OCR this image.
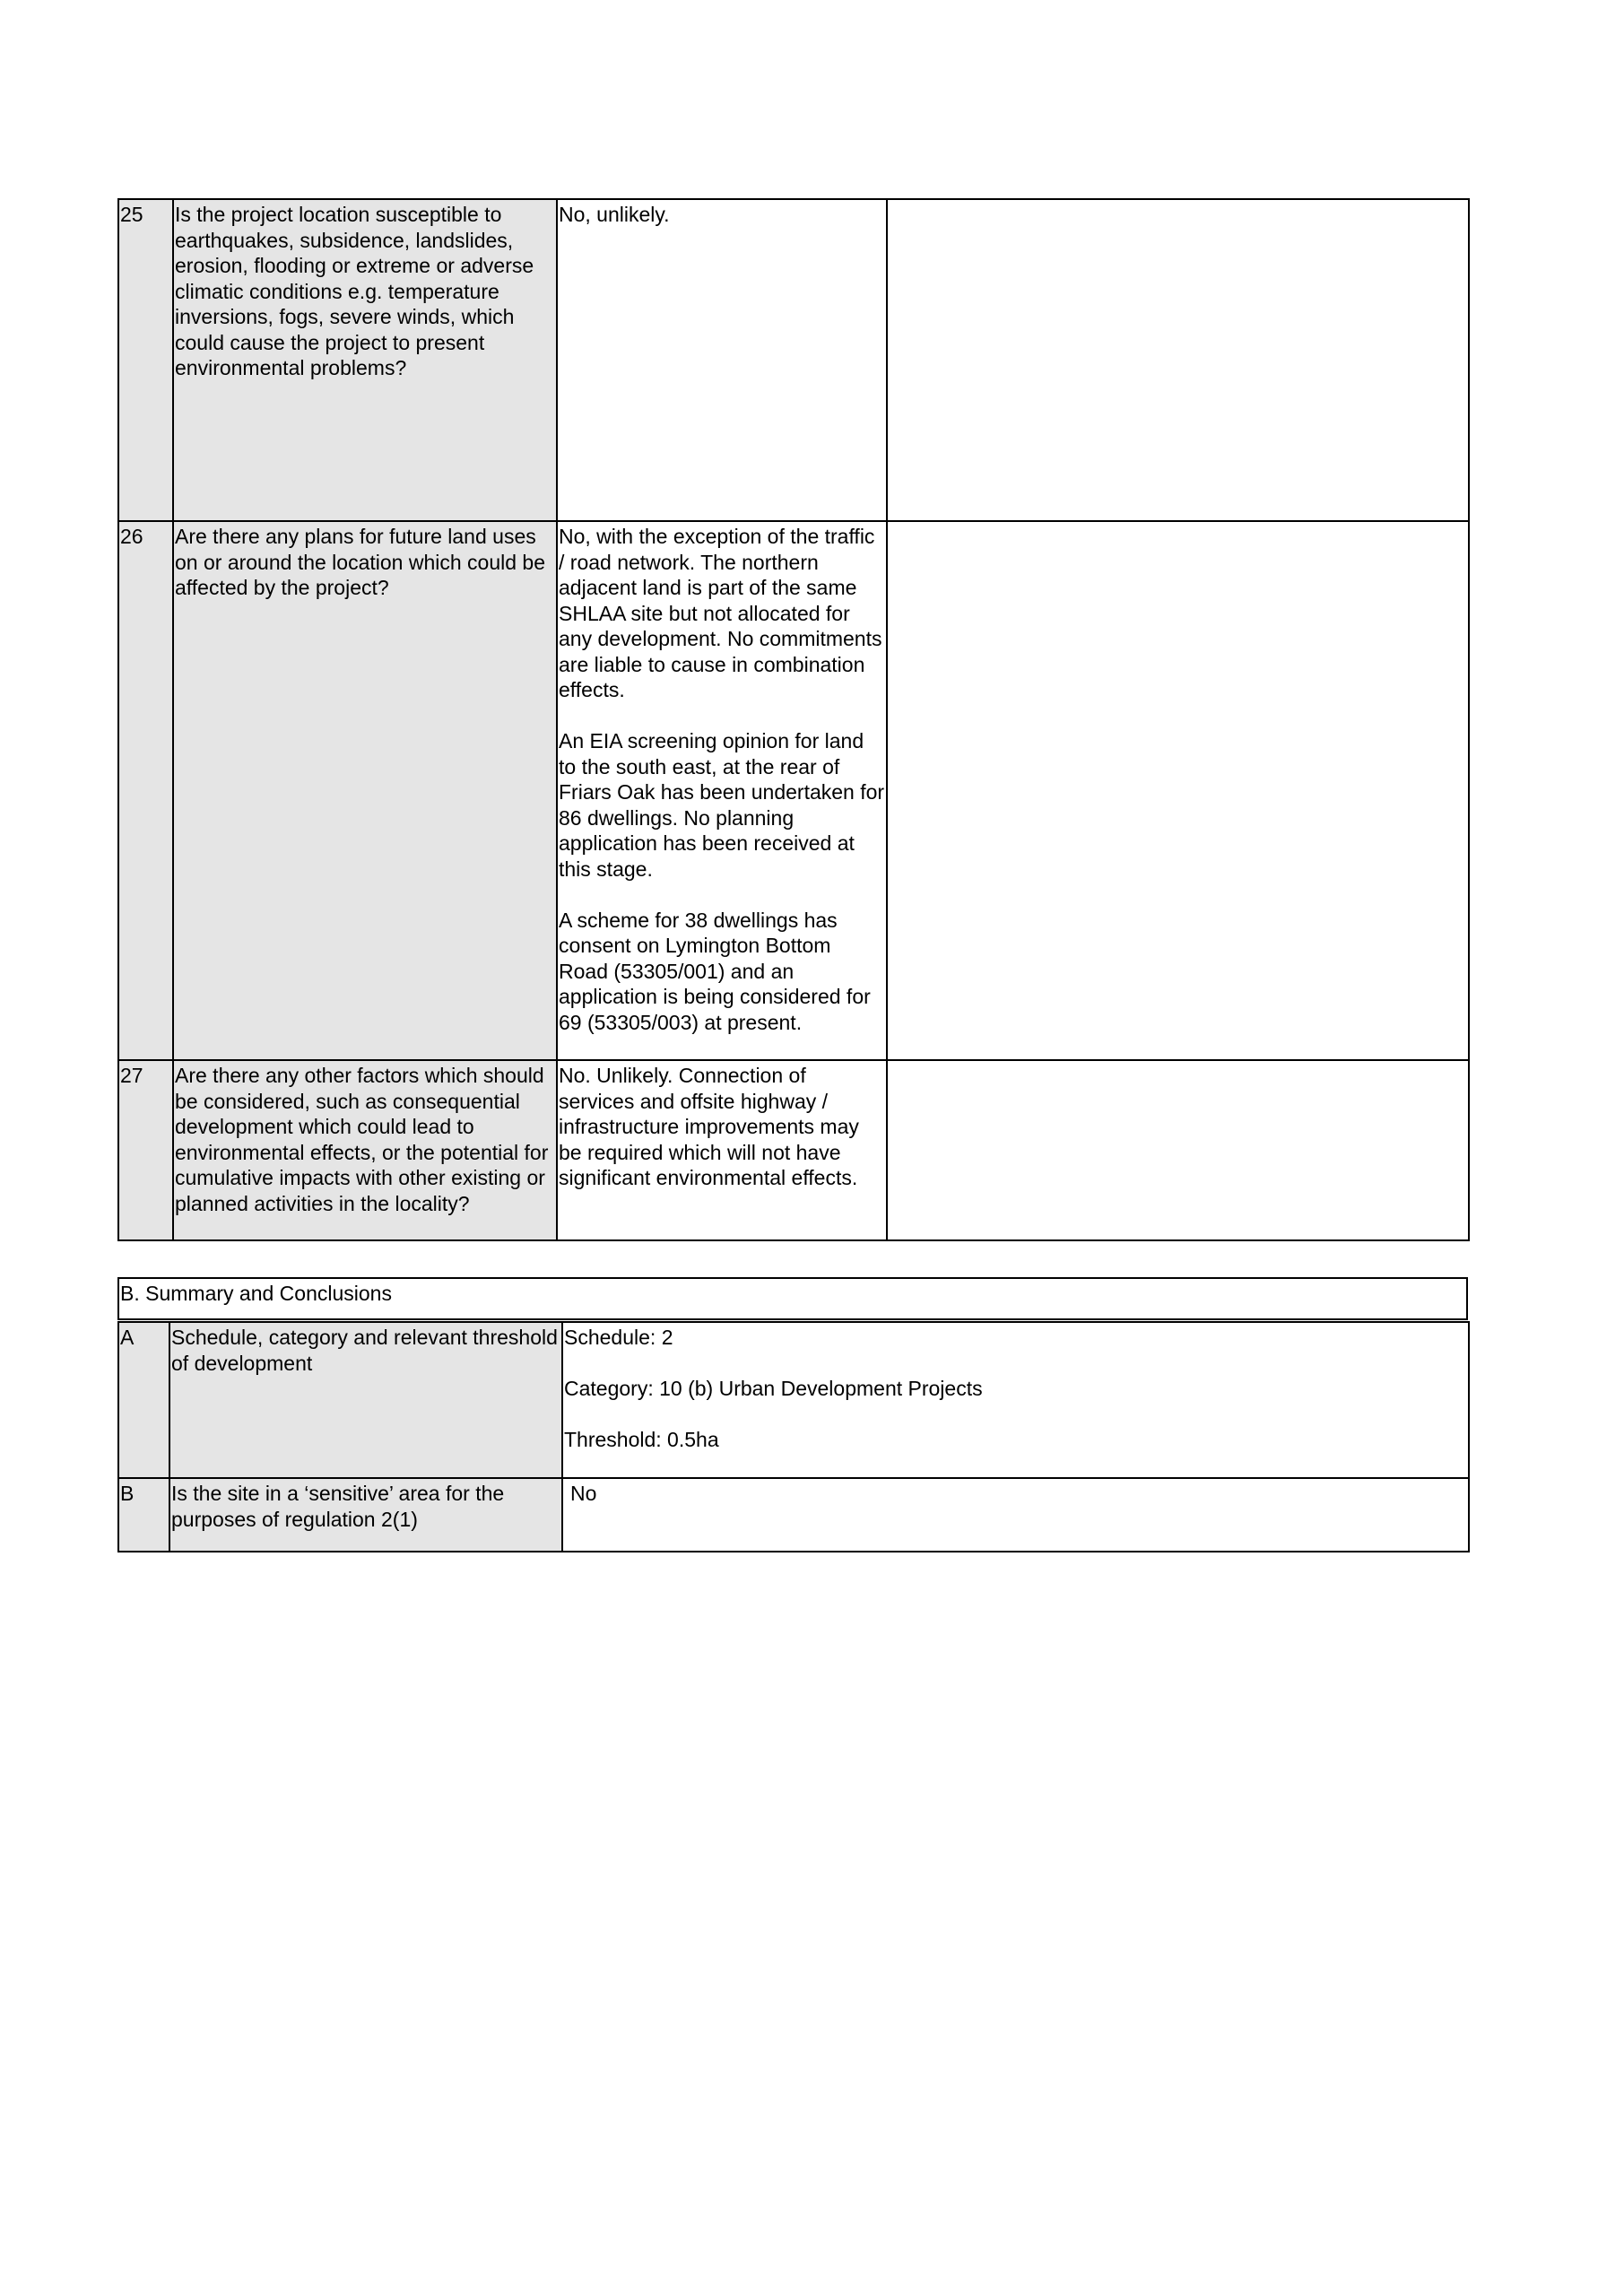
25	Is the project location susceptible to earthquakes, subsidence, landslides, erosion, flooding or extreme or adverse climatic conditions e.g. temperature inversions, fogs, severe winds, which could cause the project to present environmental problems?	No, unlikely.	

26	Are there any plans for future land uses on or around the location which could be affected by the project?	No, with the exception of the traffic / road network. The northern adjacent land is part of the same SHLAA site but not allocated for any development. No commitments are liable to cause in combination effects.
An EIA screening opinion for land to the south east, at the rear of Friars Oak has been undertaken for 86 dwellings. No planning application has been received at this stage.
A scheme for 38 dwellings has consent on Lymington Bottom Road (53305/001) and an application is being considered for 69 (53305/003) at present.	

27	Are there any other factors which should be considered, such as consequential development which could lead to environmental effects, or the potential for cumulative impacts with other existing or planned activities in the locality?	No. Unlikely. Connection of services and offsite highway / infrastructure improvements may be required which will not have significant environmental effects.	

B. Summary and Conclusions
A	Schedule, category and relevant threshold of development	Schedule: 2
Category: 10 (b) Urban Development Projects
Threshold: 0.5ha

B	Is the site in a ‘sensitive’ area for the purposes of regulation 2(1)	No
